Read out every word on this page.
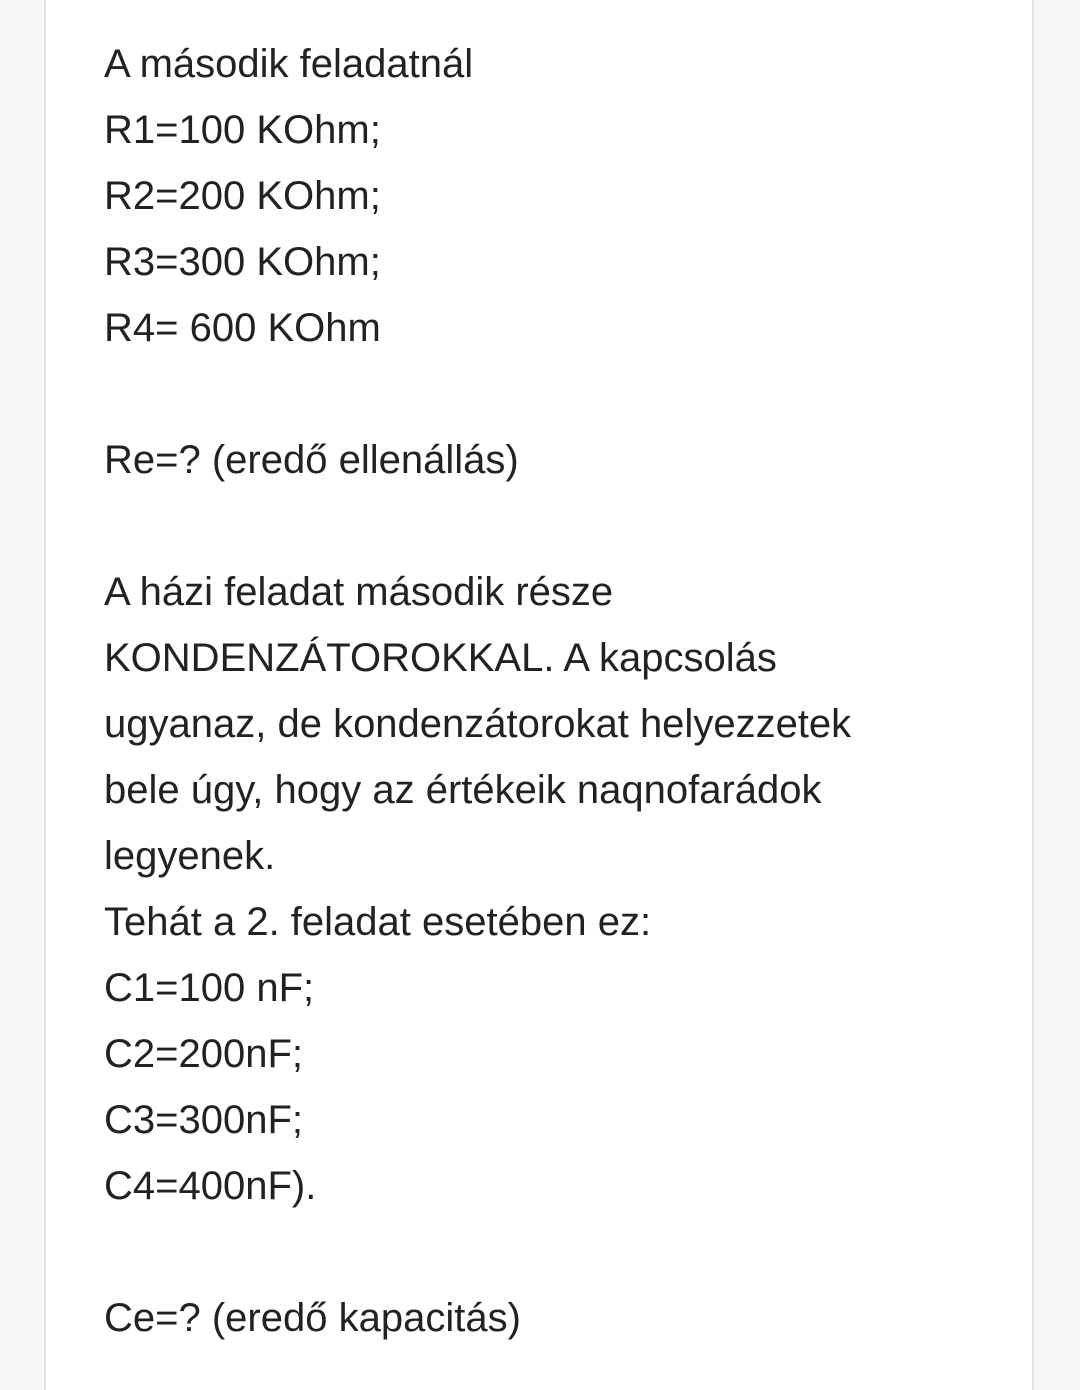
A második feladatnál
R1=100 KOhm;
R2=200 KOhm;
R3=300 KOhm;
R4= 600 KOhm
Re=? (eredő ellenállás)
A házi feladat második része
KONDENZÁTOROKKAL. A kapcsolás
ugyanaz, de kondenzátorokat helyezzetek
bele úgy, hogy az értékeik naqnofarádok
legyenek.
Tehát a 2. feladat esetében ez:
C1=100 nF;
C2=200nF;
C3=300nF;
C4=400nF).
Ce=? (eredő kapacitás)
